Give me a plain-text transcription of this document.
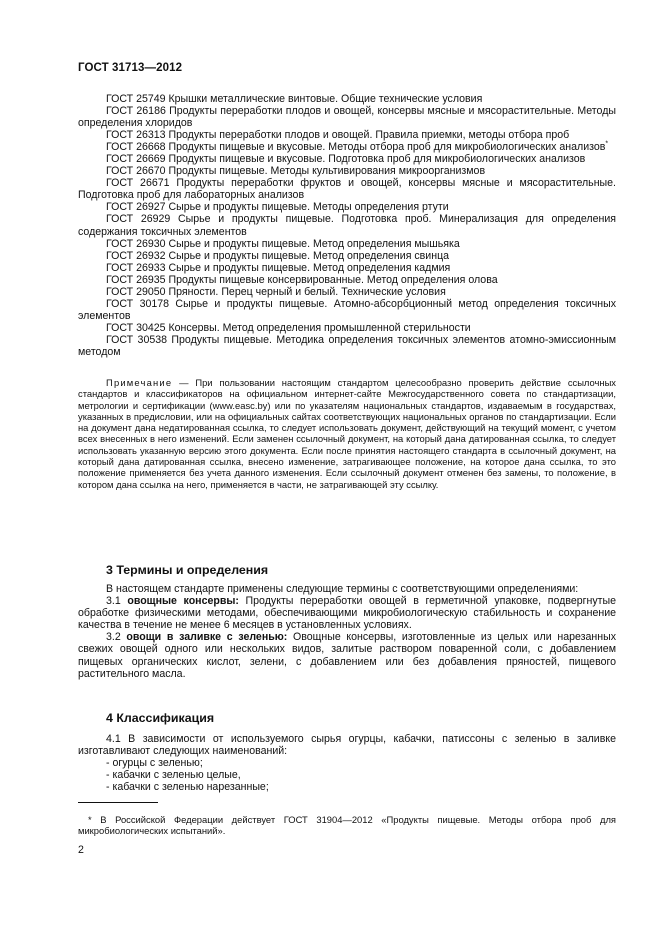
ГОСТ 31713—2012
ГОСТ 25749 Крышки металлические винтовые. Общие технические условия
ГОСТ 26186 Продукты переработки плодов и овощей, консервы мясные и мясорастительные. Методы определения хлоридов
ГОСТ 26313 Продукты переработки плодов и овощей. Правила приемки, методы отбора проб
ГОСТ 26668 Продукты пищевые и вкусовые. Методы отбора проб для микробиологических анализов*
ГОСТ 26669 Продукты пищевые и вкусовые. Подготовка проб для микробиологических анализов
ГОСТ 26670 Продукты пищевые. Методы культивирования микроорганизмов
ГОСТ 26671 Продукты переработки фруктов и овощей, консервы мясные и мясорастительные. Подготовка проб для лабораторных анализов
ГОСТ 26927 Сырье и продукты пищевые. Методы определения ртути
ГОСТ 26929 Сырье и продукты пищевые. Подготовка проб. Минерализация для определения содержания токсичных элементов
ГОСТ 26930 Сырье и продукты пищевые. Метод определения мышьяка
ГОСТ 26932 Сырье и продукты пищевые. Метод определения свинца
ГОСТ 26933 Сырье и продукты пищевые. Метод определения кадмия
ГОСТ 26935 Продукты пищевые консервированные. Метод определения олова
ГОСТ 29050 Пряности. Перец черный и белый. Технические условия
ГОСТ 30178 Сырье и продукты пищевые. Атомно-абсорбционный метод определения токсичных элементов
ГОСТ 30425 Консервы. Метод определения промышленной стерильности
ГОСТ 30538 Продукты пищевые. Методика определения токсичных элементов атомно-эмиссионным методом
Примечание — При пользовании настоящим стандартом целесообразно проверить действие ссылочных стандартов и классификаторов на официальном интернет-сайте Межгосударственного совета по стандартизации, метрологии и сертификации (www.easc.by) или по указателям национальных стандартов, издаваемым в государствах, указанных в предисловии, или на официальных сайтах соответствующих национальных органов по стандартизации. Если на документ дана недатированная ссылка, то следует использовать документ, действующий на текущий момент, с учетом всех внесенных в него изменений. Если заменен ссылочный документ, на который дана датированная ссылка, то следует использовать указанную версию этого документа. Если после принятия настоящего стандарта в ссылочный документ, на который дана датированная ссылка, внесено изменение, затрагивающее положение, на которое дана ссылка, то это положение применяется без учета данного изменения. Если ссылочный документ отменен без замены, то положение, в котором дана ссылка на него, применяется в части, не затрагивающей эту ссылку.
3 Термины и определения
В настоящем стандарте применены следующие термины с соответствующими определениями:
3.1 овощные консервы: Продукты переработки овощей в герметичной упаковке, подвергнутые обработке физическими методами, обеспечивающими микробиологическую стабильность и сохранение качества в течение не менее 6 месяцев в установленных условиях.
3.2 овощи в заливке с зеленью: Овощные консервы, изготовленные из целых или нарезанных свежих овощей одного или нескольких видов, залитые раствором поваренной соли, с добавлением пищевых органических кислот, зелени, с добавлением или без добавления пряностей, пищевого растительного масла.
4 Классификация
4.1 В зависимости от используемого сырья огурцы, кабачки, патиссоны с зеленью в заливке изготавливают следующих наименований:
- огурцы с зеленью;
- кабачки с зеленью целые,
- кабачки с зеленью нарезанные;
* В Российской Федерации действует ГОСТ 31904—2012 «Продукты пищевые. Методы отбора проб для микробиологических испытаний».
2
